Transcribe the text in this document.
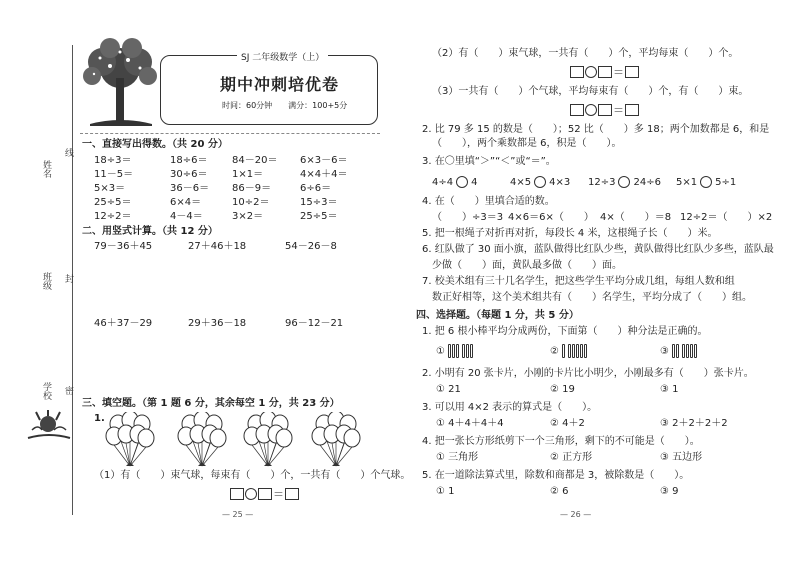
姓名
线
班级 封
学校 密
SJ 二年级数学（上）
期中冲刺培优卷
时间：60分钟　　满分：100+5分
一、直接写出得数。（共 20 分）
18÷3＝	18÷6＝ 84－20＝ 6×3－6＝
11－5＝	30÷6＝ 1×1＝	4×4＋4＝
5×3＝	36－6＝ 86－9＝	6÷6＝
25÷5＝	6×4＝	10÷2＝	15÷3＝
12÷2＝	4－4＝	3×2＝	25÷5＝
二、用竖式计算。（共 12 分）
79－36＋45	27＋46＋18	54－26－8
46＋37－29	29＋36－18	96－12－21
三、填空题。（第 1 题 6 分，其余每空 1 分，共 23 分）
1.
（1）有（　　）束气球，每束有（　　）个，一共有（　　）个气球。
＝
— 25 —
（2）有（　　）束气球，一共有（　　）个，平均每束（　　）个。
＝
（3）一共有（　　）个气球，平均每束有（　　）个，有（　　）束。
＝
2. 比 79 多 15 的数是（　　）；52 比（　　）多 18；两个加数都是 6，和是
（　　），两个乘数都是 6，积是（　　）。
3. 在〇里填“＞”“＜”或“＝”。
4÷4 4	4×5 4×3 12÷3 24÷6 5×1 5÷1
4. 在（　　）里填合适的数。
（　　）÷3＝3 4×6＝6×（　　） 4×（　　）＝8 12÷2＝（　　）×2
5. 把一根绳子对折再对折，每段长 4 米，这根绳子长（　　）米。
6. 红队做了 30 面小旗，蓝队做得比红队少些，黄队做得比红队少多些，蓝队最
少做（　　）面，黄队最多做（　　）面。
7. 校美术组有三十几名学生，把这些学生平均分成几组，每组人数和组
数正好相等，这个美术组共有（　　）名学生，平均分成了（　　）组。
四、选择题。（每题 1 分，共 5 分）
1. 把 6 根小棒平均分成两份，下面第（　　）种分法是正确的。
①	②	③
2. 小明有 20 张卡片，小刚的卡片比小明少，小刚最多有（　　）张卡片。
① 21	② 19	③ 1
3. 可以用 4×2 表示的算式是（　　）。
① 4＋4＋4＋4	② 4＋2	③ 2＋2＋2＋2
4. 把一张长方形纸剪下一个三角形，剩下的不可能是（　　）。
① 三角形	② 正方形	③ 五边形
5. 在一道除法算式里，除数和商都是 3，被除数是（　　）。
① 1	② 6	③ 9
— 26 —
